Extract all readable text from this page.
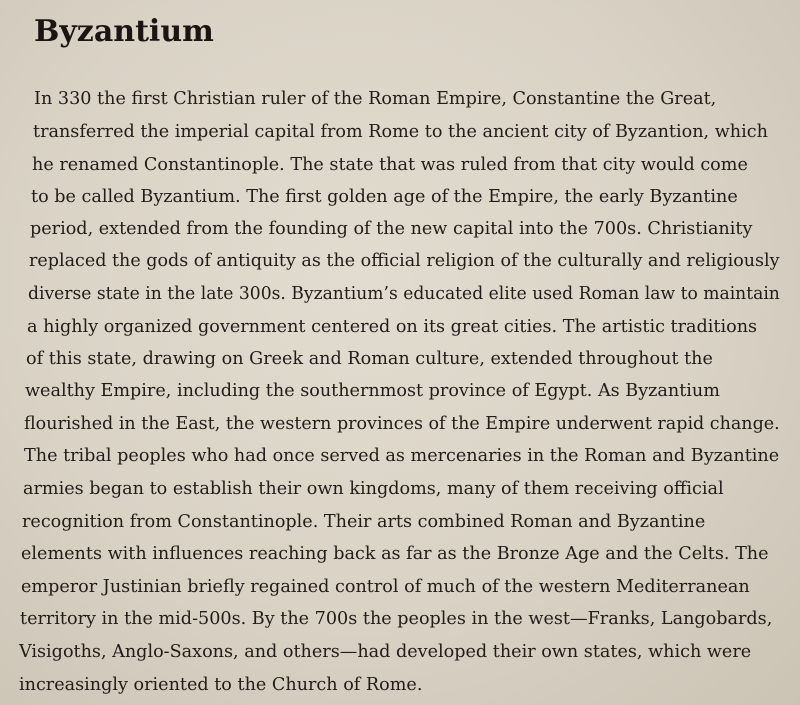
Byzantium
In 330 the first Christian ruler of the Roman Empire, Constantine the Great,
transferred the imperial capital from Rome to the ancient city of Byzantion, which
he renamed Constantinople. The state that was ruled from that city would come
to be called Byzantium. The first golden age of the Empire, the early Byzantine
period, extended from the founding of the new capital into the 700s. Christianity
replaced the gods of antiquity as the official religion of the culturally and religiously
diverse state in the late 300s. Byzantium’s educated elite used Roman law to maintain
a highly organized government centered on its great cities. The artistic traditions
of this state, drawing on Greek and Roman culture, extended throughout the
wealthy Empire, including the southernmost province of Egypt. As Byzantium
flourished in the East, the western provinces of the Empire underwent rapid change.
The tribal peoples who had once served as mercenaries in the Roman and Byzantine
armies began to establish their own kingdoms, many of them receiving official
recognition from Constantinople. Their arts combined Roman and Byzantine
elements with influences reaching back as far as the Bronze Age and the Celts. The
emperor Justinian briefly regained control of much of the western Mediterranean
territory in the mid-500s. By the 700s the peoples in the west—Franks, Langobards,
Visigoths, Anglo-Saxons, and others—had developed their own states, which were
increasingly oriented to the Church of Rome.
